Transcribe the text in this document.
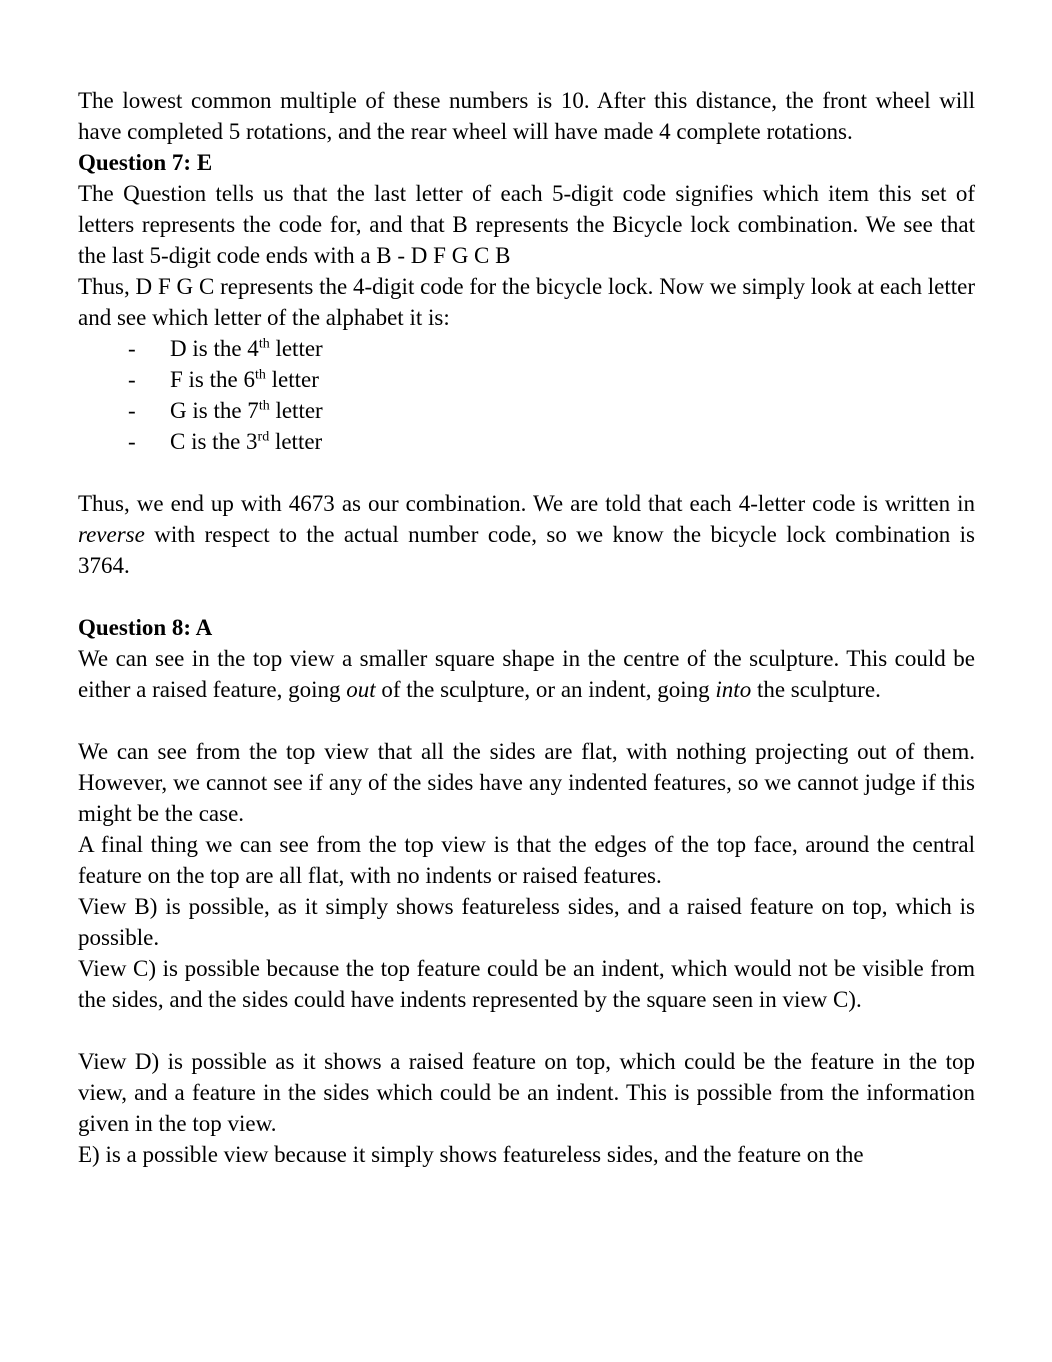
The lowest common multiple of these numbers is 10. After this distance, the front wheel will have completed 5 rotations, and the rear wheel will have made 4 complete rotations.

Question 7: E

The Question tells us that the last letter of each 5-digit code signifies which item this set of letters represents the code for, and that B represents the Bicycle lock combination. We see that the last 5-digit code ends with a B - D F G C B

Thus, D F G C represents the 4-digit code for the bicycle lock. Now we simply look at each letter and see which letter of the alphabet it is:

- D is the 4th letter
- F is the 6th letter
- G is the 7th letter
- C is the 3rd letter

Thus, we end up with 4673 as our combination. We are told that each 4-letter code is written in reverse with respect to the actual number code, so we know the bicycle lock combination is 3764.

Question 8: A

We can see in the top view a smaller square shape in the centre of the sculpture. This could be either a raised feature, going out of the sculpture, or an indent, going into the sculpture.

We can see from the top view that all the sides are flat, with nothing projecting out of them. However, we cannot see if any of the sides have any indented features, so we cannot judge if this might be the case.

A final thing we can see from the top view is that the edges of the top face, around the central feature on the top are all flat, with no indents or raised features.

View B) is possible, as it simply shows featureless sides, and a raised feature on top, which is possible.

View C) is possible because the top feature could be an indent, which would not be visible from the sides, and the sides could have indents represented by the square seen in view C).

View D) is possible as it shows a raised feature on top, which could be the feature in the top view, and a feature in the sides which could be an indent. This is possible from the information given in the top view.

E) is a possible view because it simply shows featureless sides, and the feature on the
